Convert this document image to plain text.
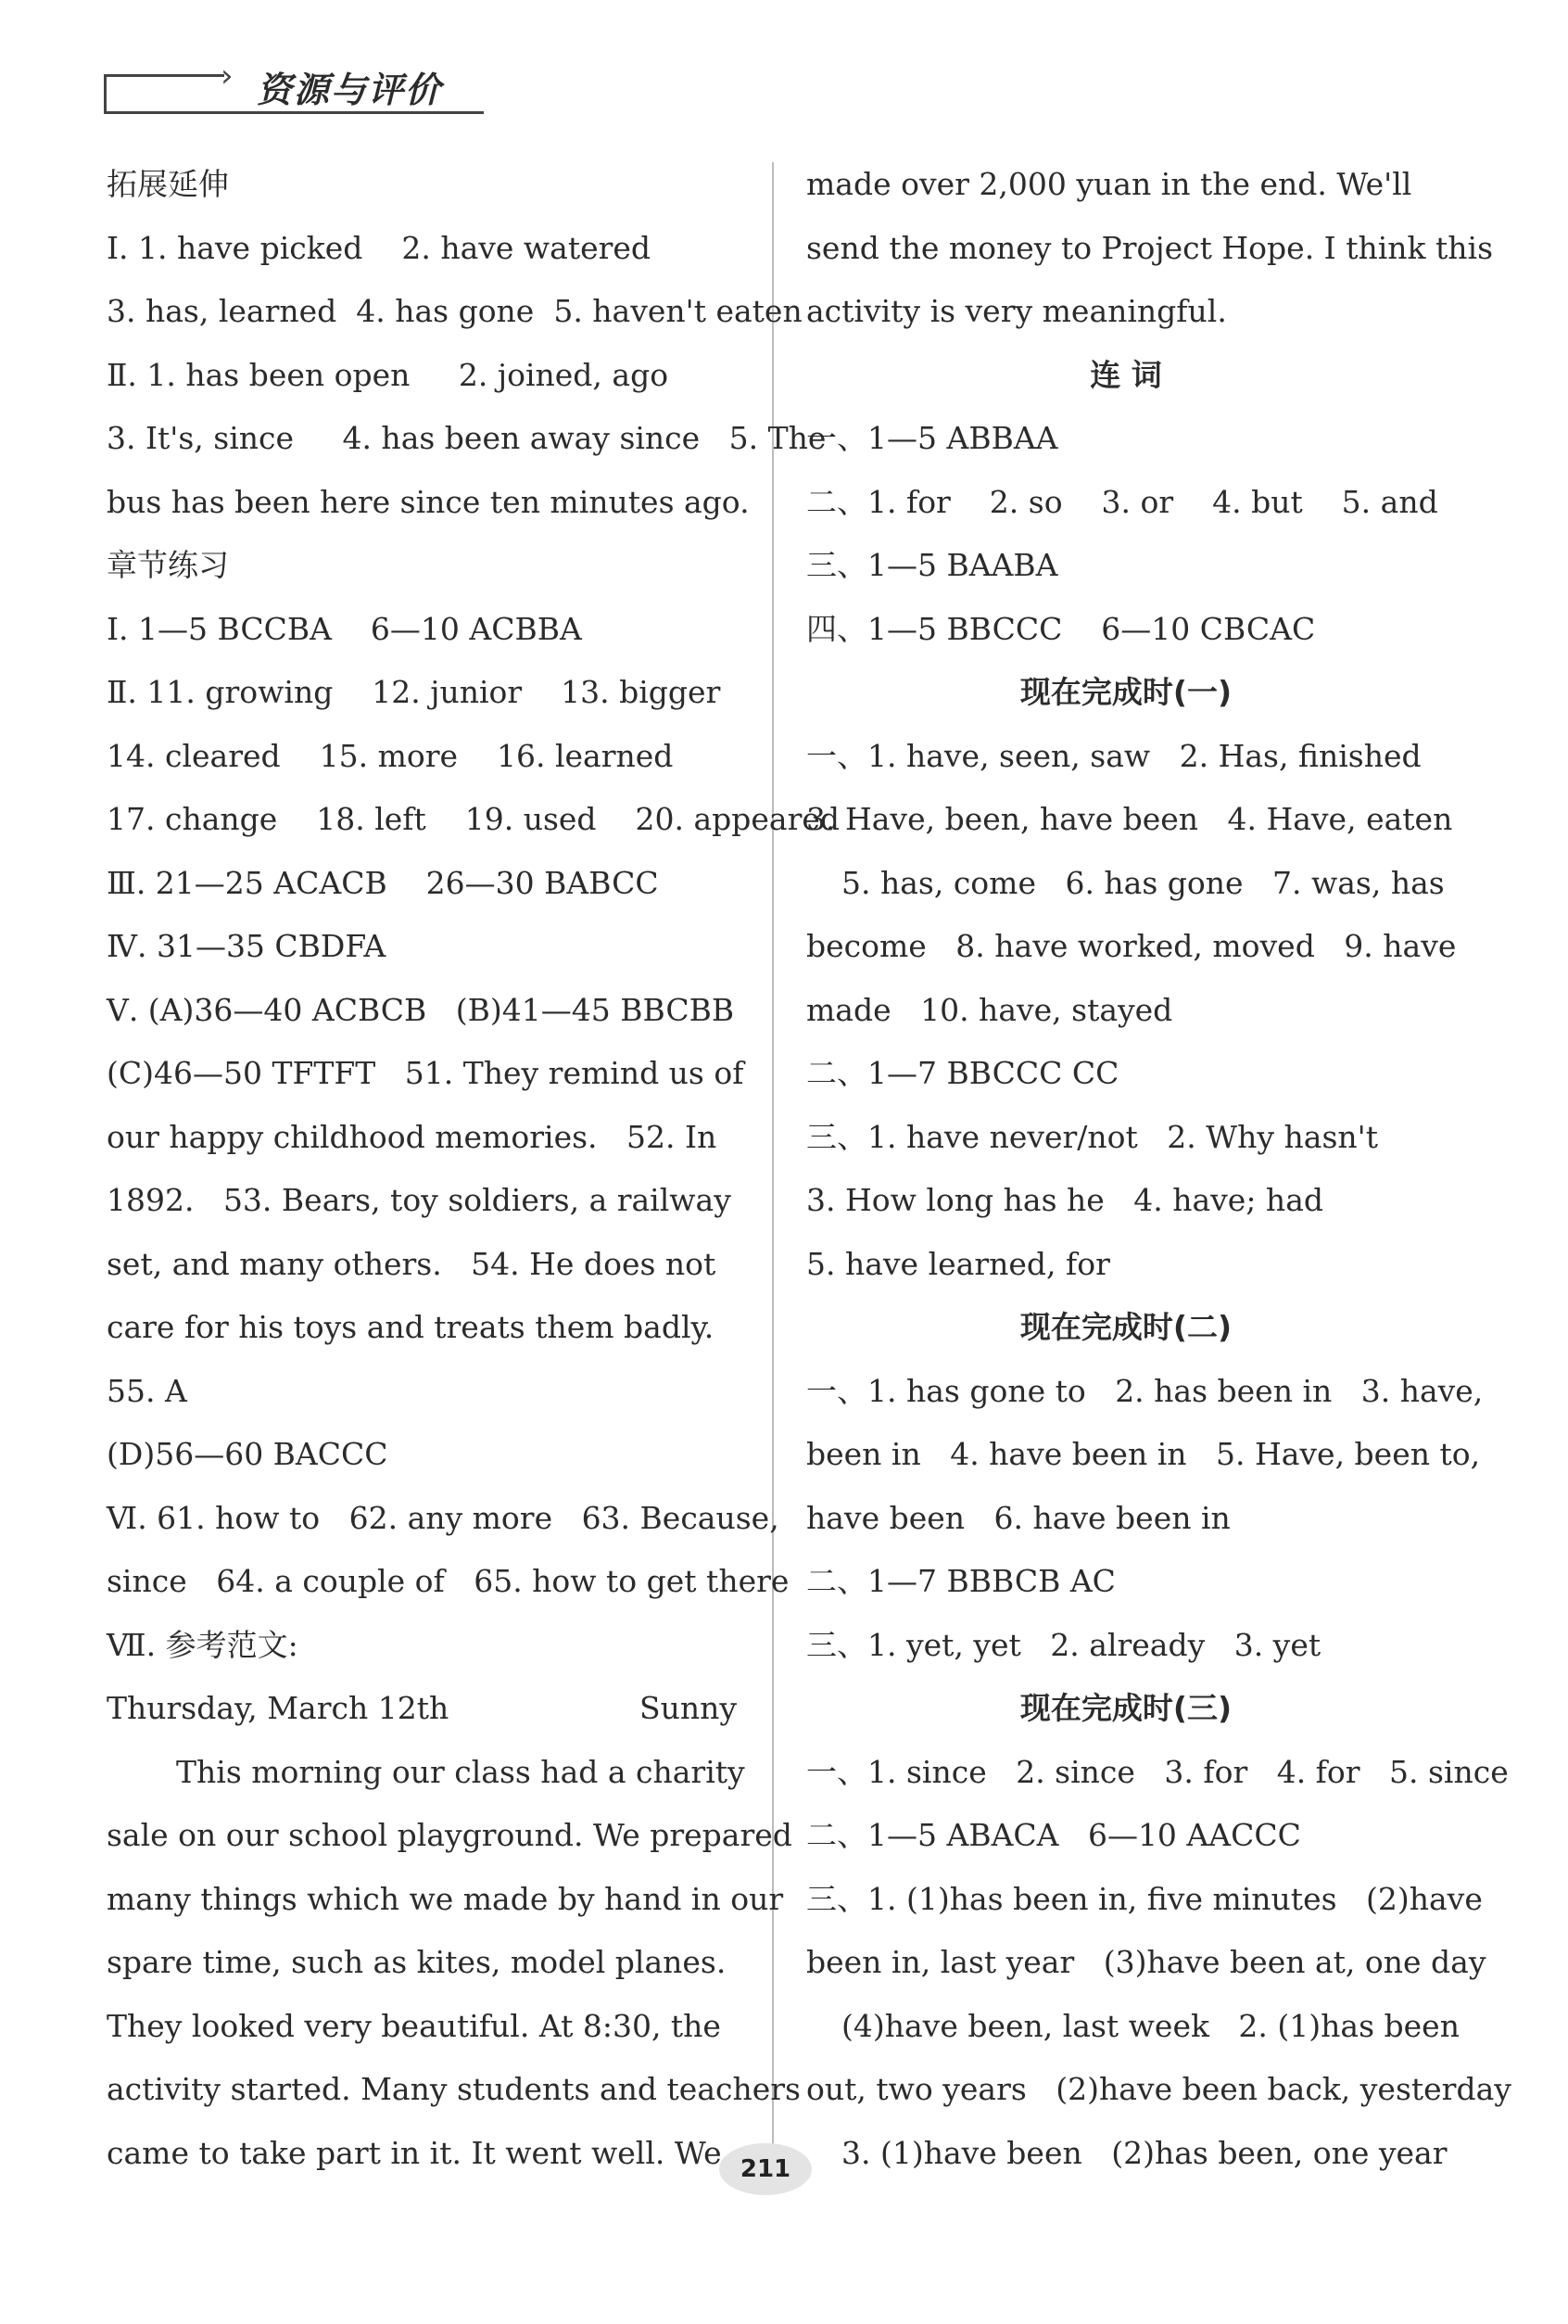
› 资源与评价
拓展延伸
I. 1. have picked    2. have watered
3. has, learned  4. has gone  5. haven't eaten
Ⅱ. 1. has been open     2. joined, ago
3. It's, since     4. has been away since   5. The
bus has been here since ten minutes ago.
章节练习
I. 1—5 BCCBA    6—10 ACBBA
Ⅱ. 11. growing    12. junior    13. bigger
14. cleared    15. more    16. learned
17. change    18. left    19. used    20. appeared
Ⅲ. 21—25 ACACB    26—30 BABCC
Ⅳ. 31—35 CBDFA
Ⅴ. (A)36—40 ACBCB   (B)41—45 BBCBB
(C)46—50 TFTFT   51. They remind us of
our happy childhood memories.   52. In
1892.   53. Bears, toy soldiers, a railway
set, and many others.   54. He does not
care for his toys and treats them badly.
55. A
(D)56—60 BACCC
Ⅵ. 61. how to   62. any more   63. Because,
since   64. a couple of   65. how to get there
Ⅶ. 参考范文:
Thursday, March 12th	Sunny
This morning our class had a charity
sale on our school playground. We prepared
many things which we made by hand in our
spare time, such as kites, model planes.
They looked very beautiful. At 8:30, the
activity started. Many students and teachers
came to take part in it. It went well. We
made over 2,000 yuan in the end. We'll
send the money to Project Hope. I think this
activity is very meaningful.
连 词
一、1—5 ABBAA
二、1. for    2. so    3. or    4. but    5. and
三、1—5 BAABA
四、1—5 BBCCC    6—10 CBCAC
现在完成时(一)
一、1. have, seen, saw   2. Has, finished
3. Have, been, have been   4. Have, eaten
5. has, come   6. has gone   7. was, has
become   8. have worked, moved   9. have
made   10. have, stayed
二、1—7 BBCCC CC
三、1. have never/not   2. Why hasn't
3. How long has he   4. have; had
5. have learned, for
现在完成时(二)
一、1. has gone to   2. has been in   3. have,
been in   4. have been in   5. Have, been to,
have been   6. have been in
二、1—7 BBBCB AC
三、1. yet, yet   2. already   3. yet
现在完成时(三)
一、1. since   2. since   3. for   4. for   5. since
二、1—5 ABACA   6—10 AACCC
三、1. (1)has been in, five minutes   (2)have
been in, last year   (3)have been at, one day
(4)have been, last week   2. (1)has been
out, two years   (2)have been back, yesterday
3. (1)have been   (2)has been, one year
211
